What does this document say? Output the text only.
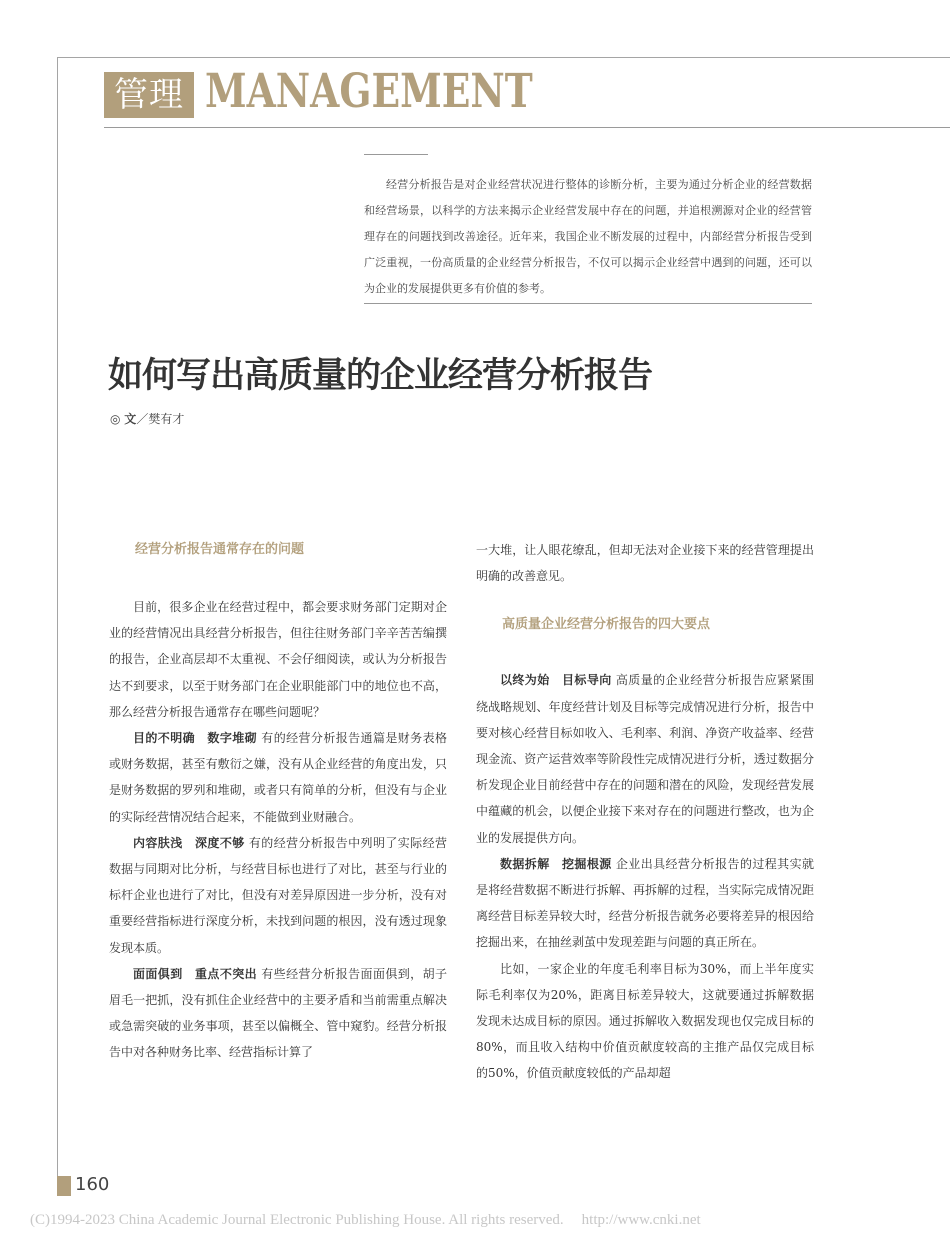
管理 MANAGEMENT

经营分析报告是对企业经营状况进行整体的诊断分析，主要为通过分析企业的经营数据和经营场景，以科学的方法来揭示企业经营发展中存在的问题，并追根溯源对企业的经营管理存在的问题找到改善途径。近年来，我国企业不断发展的过程中，内部经营分析报告受到广泛重视，一份高质量的企业经营分析报告，不仅可以揭示企业经营中遇到的问题，还可以为企业的发展提供更多有价值的参考。

如何写出高质量的企业经营分析报告
◎ 文／樊有才
经营分析报告通常存在的问题

目前，很多企业在经营过程中，都会要求财务部门定期对企业的经营情况出具经营分析报告，但往往财务部门辛辛苦苦编撰的报告，企业高层却不太重视、不会仔细阅读，或认为分析报告达不到要求，以至于财务部门在企业职能部门中的地位也不高，那么经营分析报告通常存在哪些问题呢？

目的不明确　数字堆砌 有的经营分析报告通篇是财务表格或财务数据，甚至有敷衍之嫌，没有从企业经营的角度出发，只是财务数据的罗列和堆砌，或者只有简单的分析，但没有与企业的实际经营情况结合起来，不能做到业财融合。

内容肤浅　深度不够 有的经营分析报告中列明了实际经营数据与同期对比分析，与经营目标也进行了对比，甚至与行业的标杆企业也进行了对比，但没有对差异原因进一步分析，没有对重要经营指标进行深度分析，未找到问题的根因，没有透过现象发现本质。

面面俱到　重点不突出 有些经营分析报告面面俱到，胡子眉毛一把抓，没有抓住企业经营中的主要矛盾和当前需重点解决或急需突破的业务事项，甚至以偏概全、管中窥豹。经营分析报告中对各种财务比率、经营指标计算了

一大堆，让人眼花缭乱，但却无法对企业接下来的经营管理提出明确的改善意见。

高质量企业经营分析报告的四大要点

以终为始　目标导向 高质量的企业经营分析报告应紧紧围绕战略规划、年度经营计划及目标等完成情况进行分析，报告中要对核心经营目标如收入、毛利率、利润、净资产收益率、经营现金流、资产运营效率等阶段性完成情况进行分析，透过数据分析发现企业目前经营中存在的问题和潜在的风险，发现经营发展中蕴藏的机会，以便企业接下来对存在的问题进行整改，也为企业的发展提供方向。

数据拆解　挖掘根源 企业出具经营分析报告的过程其实就是将经营数据不断进行拆解、再拆解的过程，当实际完成情况距离经营目标差异较大时，经营分析报告就务必要将差异的根因给挖掘出来，在抽丝剥茧中发现差距与问题的真正所在。

比如，一家企业的年度毛利率目标为30%，而上半年度实际毛利率仅为20%，距离目标差异较大，这就要通过拆解数据发现未达成目标的原因。通过拆解收入数据发现也仅完成目标的80%，而且收入结构中价值贡献度较高的主推产品仅完成目标的50%，价值贡献度较低的产品却超

160
(C)1994-2023 China Academic Journal Electronic Publishing House. All rights reserved. http://www.cnki.net
